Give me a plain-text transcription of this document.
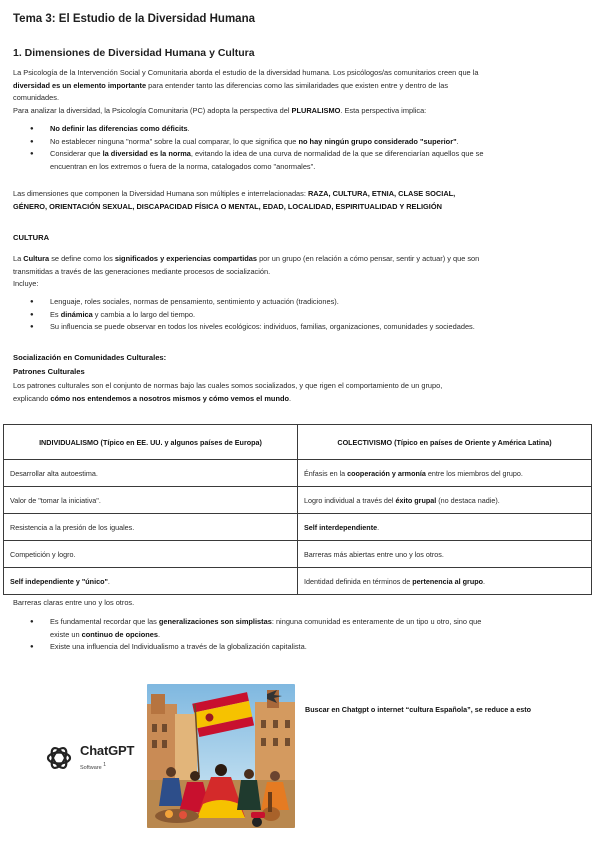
Tema 3: El Estudio de la Diversidad Humana
1. Dimensiones de Diversidad Humana y Cultura
La Psicología de la Intervención Social y Comunitaria aborda el estudio de la diversidad humana. Los psicólogos/as comunitarios creen que la
diversidad es un elemento importante para entender tanto las diferencias como las similaridades que existen entre y dentro de las
comunidades.
Para analizar la diversidad, la Psicología Comunitaria (PC) adopta la perspectiva del PLURALISMO. Esta perspectiva implica:
● No definir las diferencias como déficits.
● No establecer ninguna "norma" sobre la cual comparar, lo que significa que no hay ningún grupo considerado "superior".
● Considerar que la diversidad es la norma, evitando la idea de una curva de normalidad de la que se diferenciarían aquellos que se
encuentran en los extremos o fuera de la norma, catalogados como "anormales".
Las dimensiones que componen la Diversidad Humana son múltiples e interrelacionadas: RAZA, CULTURA, ETNIA, CLASE SOCIAL,
GÉNERO, ORIENTACIÓN SEXUAL, DISCAPACIDAD FÍSICA O MENTAL, EDAD, LOCALIDAD, ESPIRITUALIDAD Y RELIGIÓN
CULTURA
La Cultura se define como los significados y experiencias compartidas por un grupo (en relación a cómo pensar, sentir y actuar) y que son
transmitidas a través de las generaciones mediante procesos de socialización.
Incluye:
● Lenguaje, roles sociales, normas de pensamiento, sentimiento y actuación (tradiciones).
● Es dinámica y cambia a lo largo del tiempo.
● Su influencia se puede observar en todos los niveles ecológicos: individuos, familias, organizaciones, comunidades y sociedades.
Socialización en Comunidades Culturales:
Patrones Culturales
Los patrones culturales son el conjunto de normas bajo las cuales somos socializados, y que rigen el comportamiento de un grupo,
explicando cómo nos entendemos a nosotros mismos y cómo vemos el mundo.
INDIVIDUALISMO (Típico en EE. UU. y algunos países de Europa)	COLECTIVISMO (Típico en países de Oriente y América Latina)
Desarrollar alta autoestima.	Énfasis en la cooperación y armonía entre los miembros del grupo.
Valor de "tomar la iniciativa".	Logro individual a través del éxito grupal (no destaca nadie).
Resistencia a la presión de los iguales.	Self interdependiente.
Competición y logro.	Barreras más abiertas entre uno y los otros.
Self independiente y "único".	Identidad definida en términos de pertenencia al grupo.
Barreras claras entre uno y los otros.
● Es fundamental recordar que las generalizaciones son simplistas: ninguna comunidad es enteramente de un tipo u otro, sino que
existe un continuo de opciones.
● Existe una influencia del Individualismo a través de la globalización capitalista.
ChatGPT
Software $^1$
Buscar en Chatgpt o internet “cultura Española”, se reduce a esto
